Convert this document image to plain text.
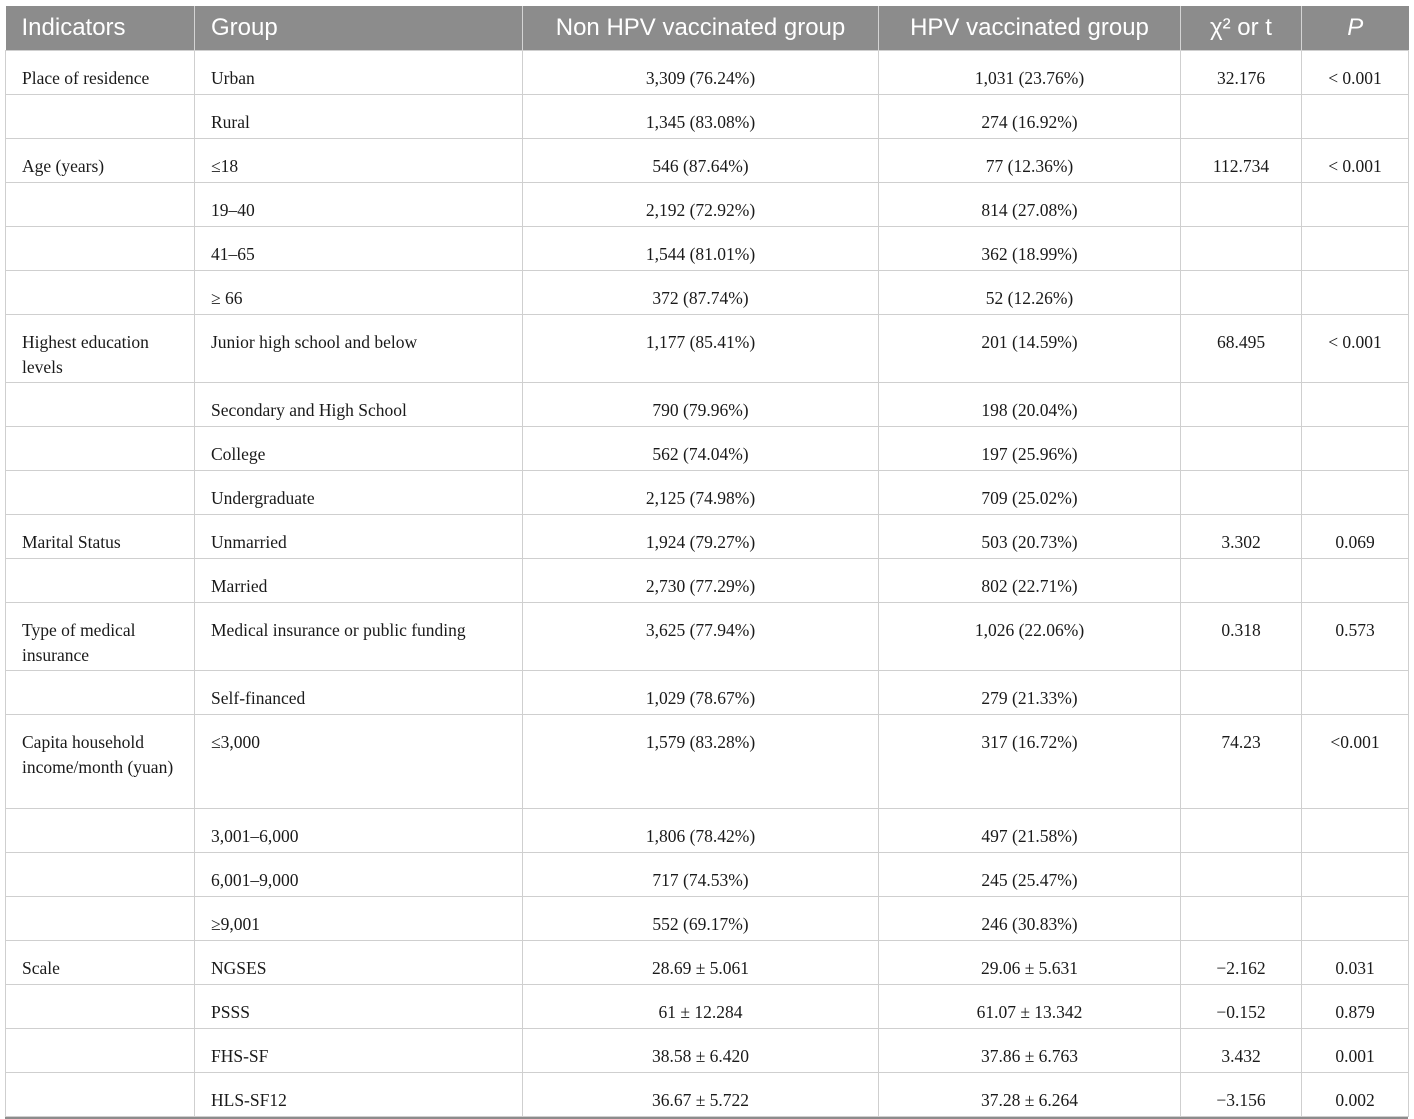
Indicators	Group	Non HPV vaccinated group	HPV vaccinated group	χ² or t	P
Place of residence	Urban	3,309 (76.24%)	1,031 (23.76%)	32.176	< 0.001
	Rural	1,345 (83.08%)	274 (16.92%)		
Age (years)	≤18	546 (87.64%)	77 (12.36%)	112.734	< 0.001
	19–40	2,192 (72.92%)	814 (27.08%)		
	41–65	1,544 (81.01%)	362 (18.99%)		
	≥ 66	372 (87.74%)	52 (12.26%)		
Highest education levels	Junior high school and below	1,177 (85.41%)	201 (14.59%)	68.495	< 0.001
	Secondary and High School	790 (79.96%)	198 (20.04%)		
	College	562 (74.04%)	197 (25.96%)		
	Undergraduate	2,125 (74.98%)	709 (25.02%)		
Marital Status	Unmarried	1,924 (79.27%)	503 (20.73%)	3.302	0.069
	Married	2,730 (77.29%)	802 (22.71%)		
Type of medical insurance	Medical insurance or public funding	3,625 (77.94%)	1,026 (22.06%)	0.318	0.573
	Self-financed	1,029 (78.67%)	279 (21.33%)		
Capita household income/month (yuan)	≤3,000	1,579 (83.28%)	317 (16.72%)	74.23	<0.001
	3,001–6,000	1,806 (78.42%)	497 (21.58%)		
	6,001–9,000	717 (74.53%)	245 (25.47%)		
	≥9,001	552 (69.17%)	246 (30.83%)		
Scale	NGSES	28.69 ± 5.061	29.06 ± 5.631	−2.162	0.031
	PSSS	61 ± 12.284	61.07 ± 13.342	−0.152	0.879
	FHS-SF	38.58 ± 6.420	37.86 ± 6.763	3.432	0.001
	HLS-SF12	36.67 ± 5.722	37.28 ± 6.264	−3.156	0.002
